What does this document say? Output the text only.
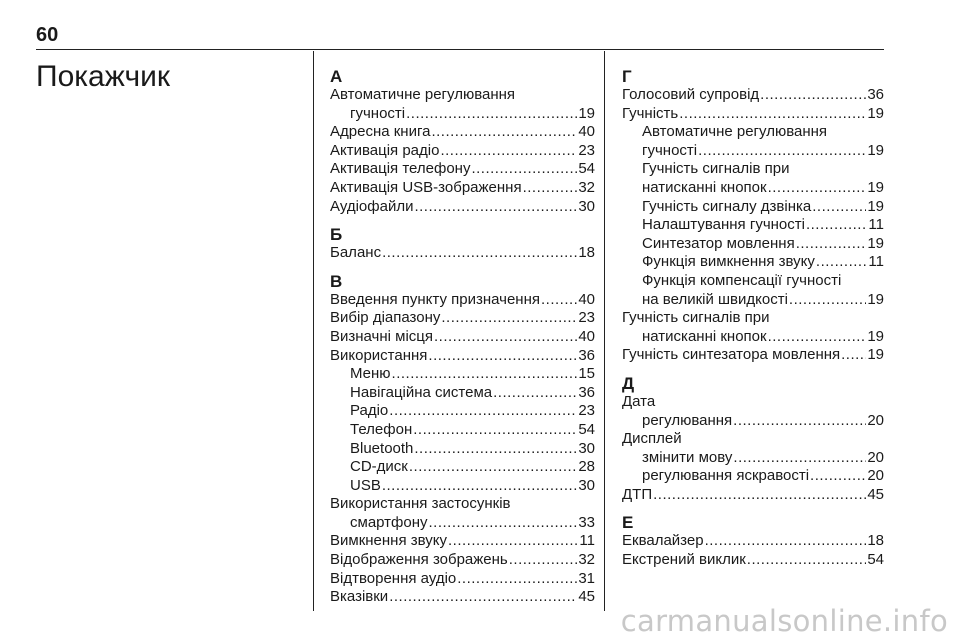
60
Покажчик	А
Автоматичне регулювання
гучності .....	19
Адресна книга .....	40
Активація радіо .....	23
Активація телефону .....	54
Активація USB-зображення .....	32
Аудіофайли .....	30
Б
Баланс .....	18
В
Введення пункту призначення .....	40
Вибір діапазону .....	23
Визначні місця .....	40
Використання .....	36
Меню .....	15
Навігаційна система .....	36
Радіо .....	23
Телефон .....	54
Bluetooth .....	30
CD-диск .....	28
USB .....	30
Використання застосунків
смартфону .....	33
Вимкнення звуку .....	11
Відображення зображень .....	32
Відтворення аудіо .....	31
Вказівки .....	45
Г
Голосовий супровід .....	36
Гучність .....	19
Автоматичне регулювання
гучності .....	19
Гучність сигналів при
натисканні кнопок .....	19
Гучність сигналу дзвінка .....	19
Налаштування гучності .....	11
Синтезатор мовлення .....	19
Функція вимкнення звуку .....	11
Функція компенсації гучності
на великій швидкості .....	19
Гучність сигналів при
натисканні кнопок .....	19
Гучність синтезатора мовлення ..... 19
Д
Дата
регулювання .....	20
Дисплей
змінити мову .....	20
регулювання яскравості .....	20
ДТП .....	45
Е
Еквалайзер .....	18
Екстрений виклик .....	54
carmanualsonline.info
